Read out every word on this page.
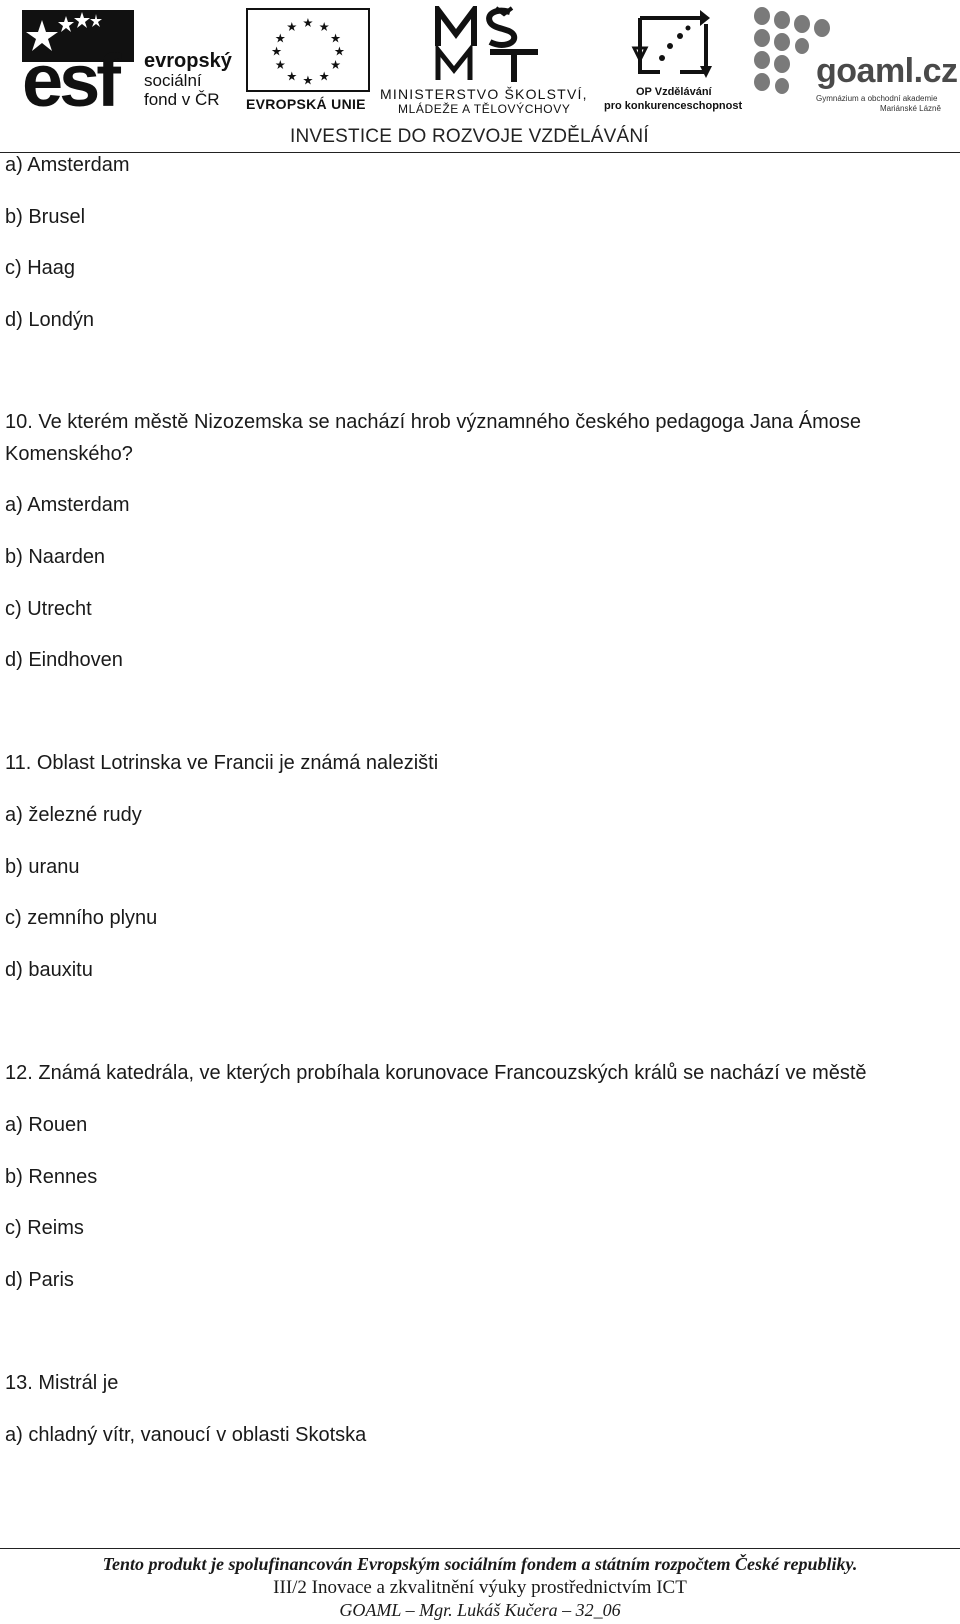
esf evropský
sociální
fond v ČR
★ ★
★
★
★
★
★
★
★
★
★
★
EVROPSKÁ UNIE
MINISTERSTVO ŠKOLSTVÍ,
MLÁDEŽE A TĚLOVÝCHOVY
OP Vzdělávání
pro konkurenceschopnost
goaml.cz
Gymnázium a obchodní akademie
Mariánské Lázně
INVESTICE DO ROZVOJE VZDĚLÁVÁNÍ
a) Amsterdam
b) Brusel
c) Haag
d) Londýn
10. Ve kterém městě Nizozemska se nachází hrob významného českého pedagoga Jana Ámose Komenského?
a) Amsterdam
b) Naarden
c) Utrecht
d) Eindhoven
11. Oblast Lotrinska ve Francii je známá nalezišti
a) železné rudy
b) uranu
c) zemního plynu
d) bauxitu
12. Známá katedrála, ve kterých probíhala korunovace Francouzských králů se nachází ve městě
a) Rouen
b) Rennes
c) Reims
d) Paris
13. Mistrál je
a) chladný vítr, vanoucí v oblasti Skotska
Tento produkt je spolufinancován Evropským sociálním fondem a státním rozpočtem České republiky.
III/2 Inovace a zkvalitnění výuky prostřednictvím ICT
GOAML – Mgr. Lukáš Kučera – 32_06
